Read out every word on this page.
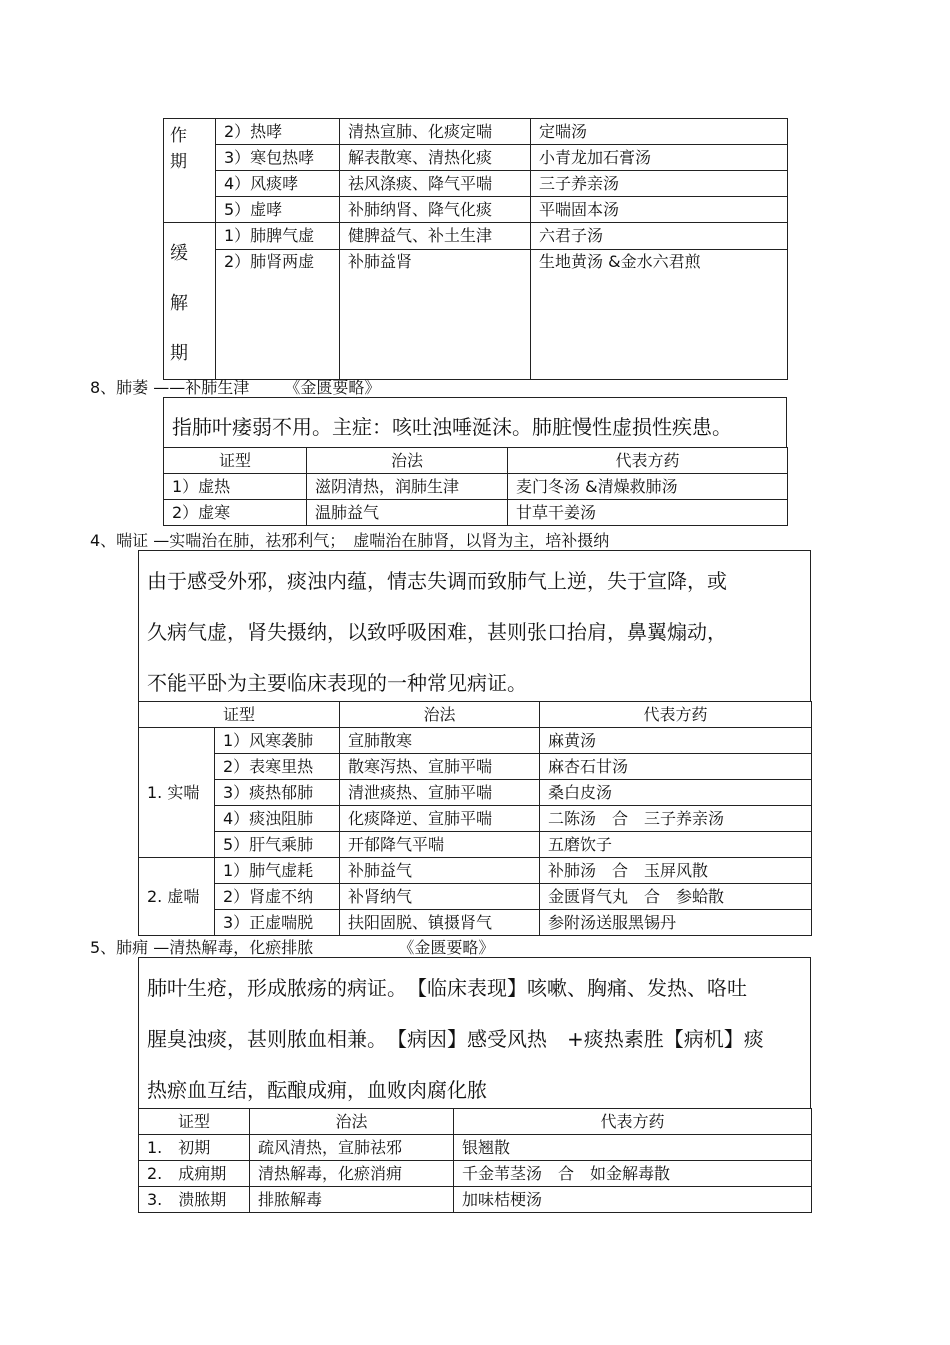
作期	2）热哮	清热宣肺、化痰定喘	定喘汤
	3）寒包热哮	解表散寒、清热化痰	小青龙加石膏汤
	4）风痰哮	祛风涤痰、降气平喘	三子养亲汤
	5）虚哮	补肺纳肾、降气化痰	平喘固本汤
缓解期	1）肺脾气虚	健脾益气、补土生津	六君子汤
	2）肺肾两虚	补肺益肾	生地黄汤 &金水六君煎
8、肺萎 ——补肺生津 《金匮要略》

指肺叶痿弱不用。主症：咳吐浊唾涎沫。肺脏慢性虚损性疾患。

证型	治法	代表方药
1）虚热	滋阴清热，润肺生津	麦门冬汤 &清燥救肺汤
2）虚寒	温肺益气	甘草干姜汤
4、喘证 —实喘治在肺，祛邪利气；　虚喘治在肺肾，以肾为主，培补摄纳

由于感受外邪，痰浊内蕴，情志失调而致肺气上逆，失于宣降，或

久病气虚，肾失摄纳，以致呼吸困难，甚则张口抬肩，鼻翼煽动，

不能平卧为主要临床表现的一种常见病证。

证型		治法	代表方药
1. 实喘	1）风寒袭肺	宣肺散寒	麻黄汤
	2）表寒里热	散寒泻热、宣肺平喘	麻杏石甘汤
	3）痰热郁肺	清泄痰热、宣肺平喘	桑白皮汤
	4）痰浊阻肺	化痰降逆、宣肺平喘	二陈汤　合　三子养亲汤
	5）肝气乘肺	开郁降气平喘	五磨饮子
2. 虚喘	1）肺气虚耗	补肺益气	补肺汤　合　玉屏风散
	2）肾虚不纳	补肾纳气	金匮肾气丸　合　参蛤散
	3）正虚喘脱	扶阳固脱、镇摄肾气	参附汤送服黑锡丹
5、肺痈 —清热解毒，化瘀排脓	《金匮要略》

肺叶生疮，形成脓疡的病证。　【临床表现】咳嗽、胸痛、发热、咯吐

腥臭浊痰，甚则脓血相兼。　【病因】感受风热　+痰热素胜【病机】痰

热瘀血互结，酝酿成痈，血败肉腐化脓

证型	治法	代表方药
1.　初期	疏风清热，宣肺祛邪	银翘散
2.　成痈期	清热解毒，化瘀消痈	千金苇茎汤　合　如金解毒散
3.　溃脓期	排脓解毒	加味桔梗汤
